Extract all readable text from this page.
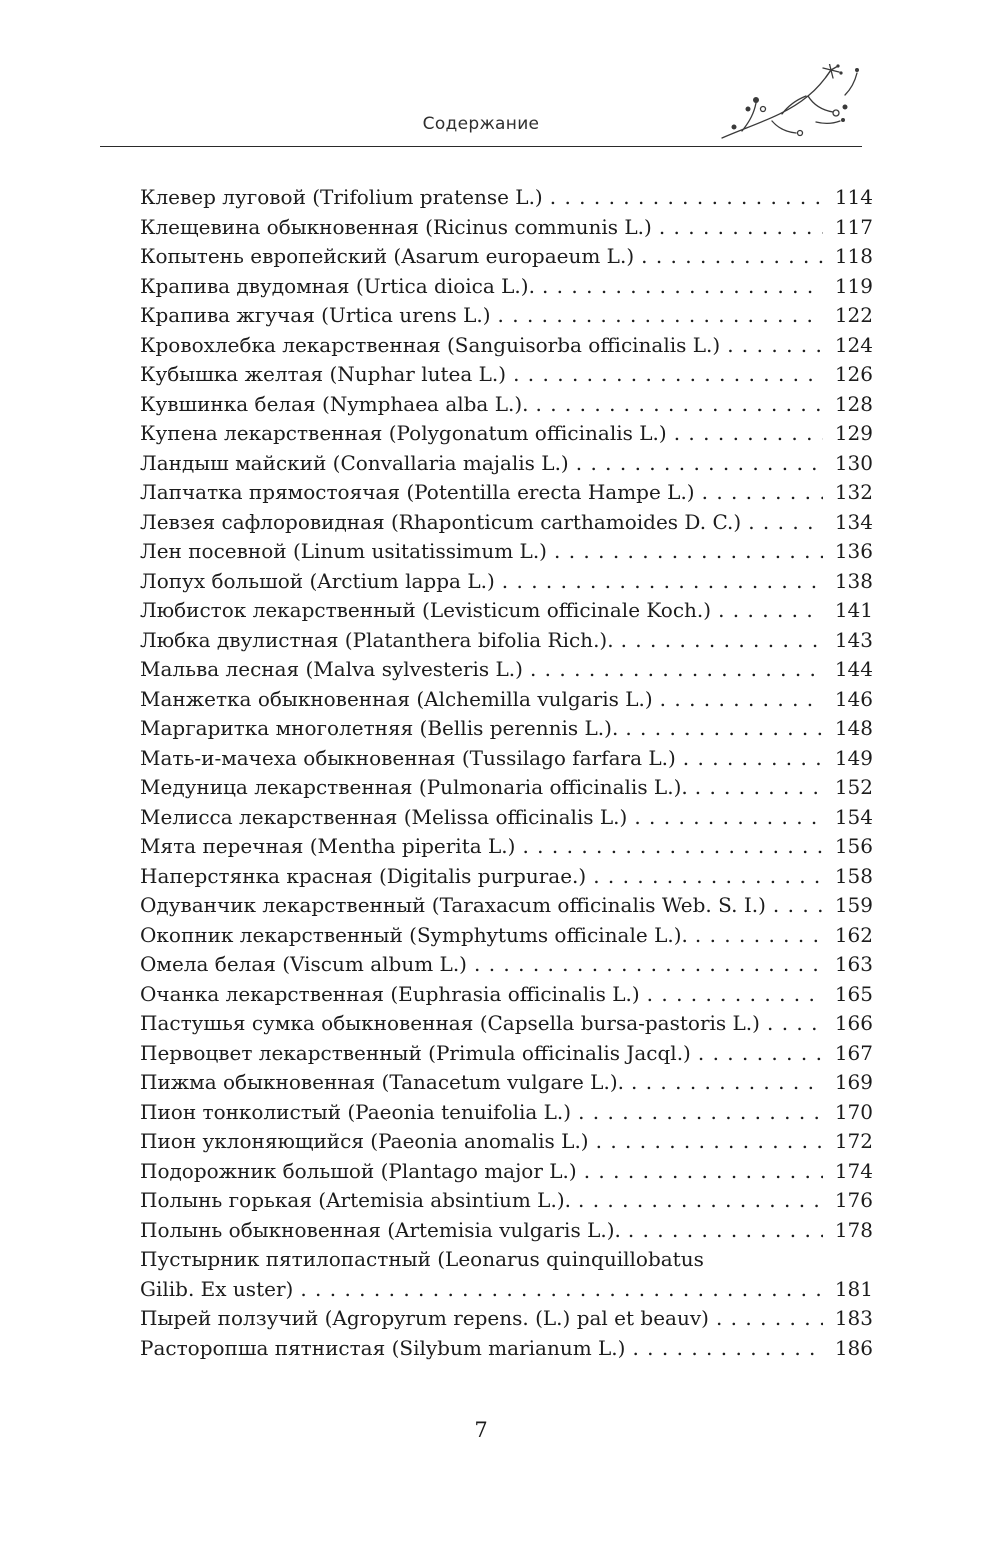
Содержание
Клевер луговой (Trifolium pratense L.) . . .	114
Клещевина обыкновенная (Ricinus communis L.) . . .	117
Копытень европейский (Asarum europaeum L.) . . .	118
Крапива двудомная (Urtica dioica L.). . . .	119
Крапива жгучая (Urtica urens L.) . . .	122
Кровохлебка лекарственная (Sanguisorba officinalis L.) . . .	124
Кубышка желтая (Nuphar lutea L.) . . .	126
Кувшинка белая (Nymphaea alba L.). . . .	128
Купена лекарственная (Polygonatum officinalis L.) . . .	129
Ландыш майский (Convallaria majalis L.) . . .	130
Лапчатка прямостоячая (Potentilla erecta Hampe L.) . . .	132
Левзея сафлоровидная (Rhaponticum carthamoides D. C.) . . .	134
Лен посевной (Linum usitatissimum L.) . . .	136
Лопух большой (Arctium lappa L.) . . .	138
Любисток лекарственный (Levisticum officinale Koch.) . . .	141
Любка двулистная (Platanthera bifolia Rich.). . . .	143
Мальва лесная (Malva sylvesteris L.) . . .	144
Манжетка обыкновенная (Alchemilla vulgaris L.) . . .	146
Маргаритка многолетняя (Bellis perennis L.). . . .	148
Мать-и-мачеха обыкновенная (Tussilago farfara L.) . . .	149
Медуница лекарственная (Pulmonaria officinalis L.). . . .	152
Мелисса лекарственная (Melissa officinalis L.) . . .	154
Мята перечная (Mentha piperita L.) . . .	156
Наперстянка красная (Digitalis purpurae.) . . .	158
Одуванчик лекарственный (Taraxacum officinalis Web. S. I.) . . .	159
Окопник лекарственный (Symphytums officinale L.). . . .	162
Омела белая (Viscum album L.) . . .	163
Очанка лекарственная (Euphrasia officinalis L.) . . .	165
Пастушья сумка обыкновенная (Capsella bursa-pastoris L.) . . .	166
Первоцвет лекарственный (Primula officinalis Jacql.) . . .	167
Пижма обыкновенная (Tanacetum vulgare L.). . . .	169
Пион тонколистый (Paeonia tenuifolia L.) . . .	170
Пион уклоняющийся (Paeonia anomalis L.) . . .	172
Подорожник большой (Plantago major L.) . . .	174
Полынь горькая (Artemisia absintium L.). . . .	176
Полынь обыкновенная (Artemisia vulgaris L.). . . .	178
Пустырник пятилопастный (Leonarus quinquillobatus
Gilib. Ex uster) . . .	181
Пырей ползучий (Agropyrum repens. (L.) pal et beauv) . . .	183
Расторопша пятнистая (Silybum marianum L.) . . .	186
7
